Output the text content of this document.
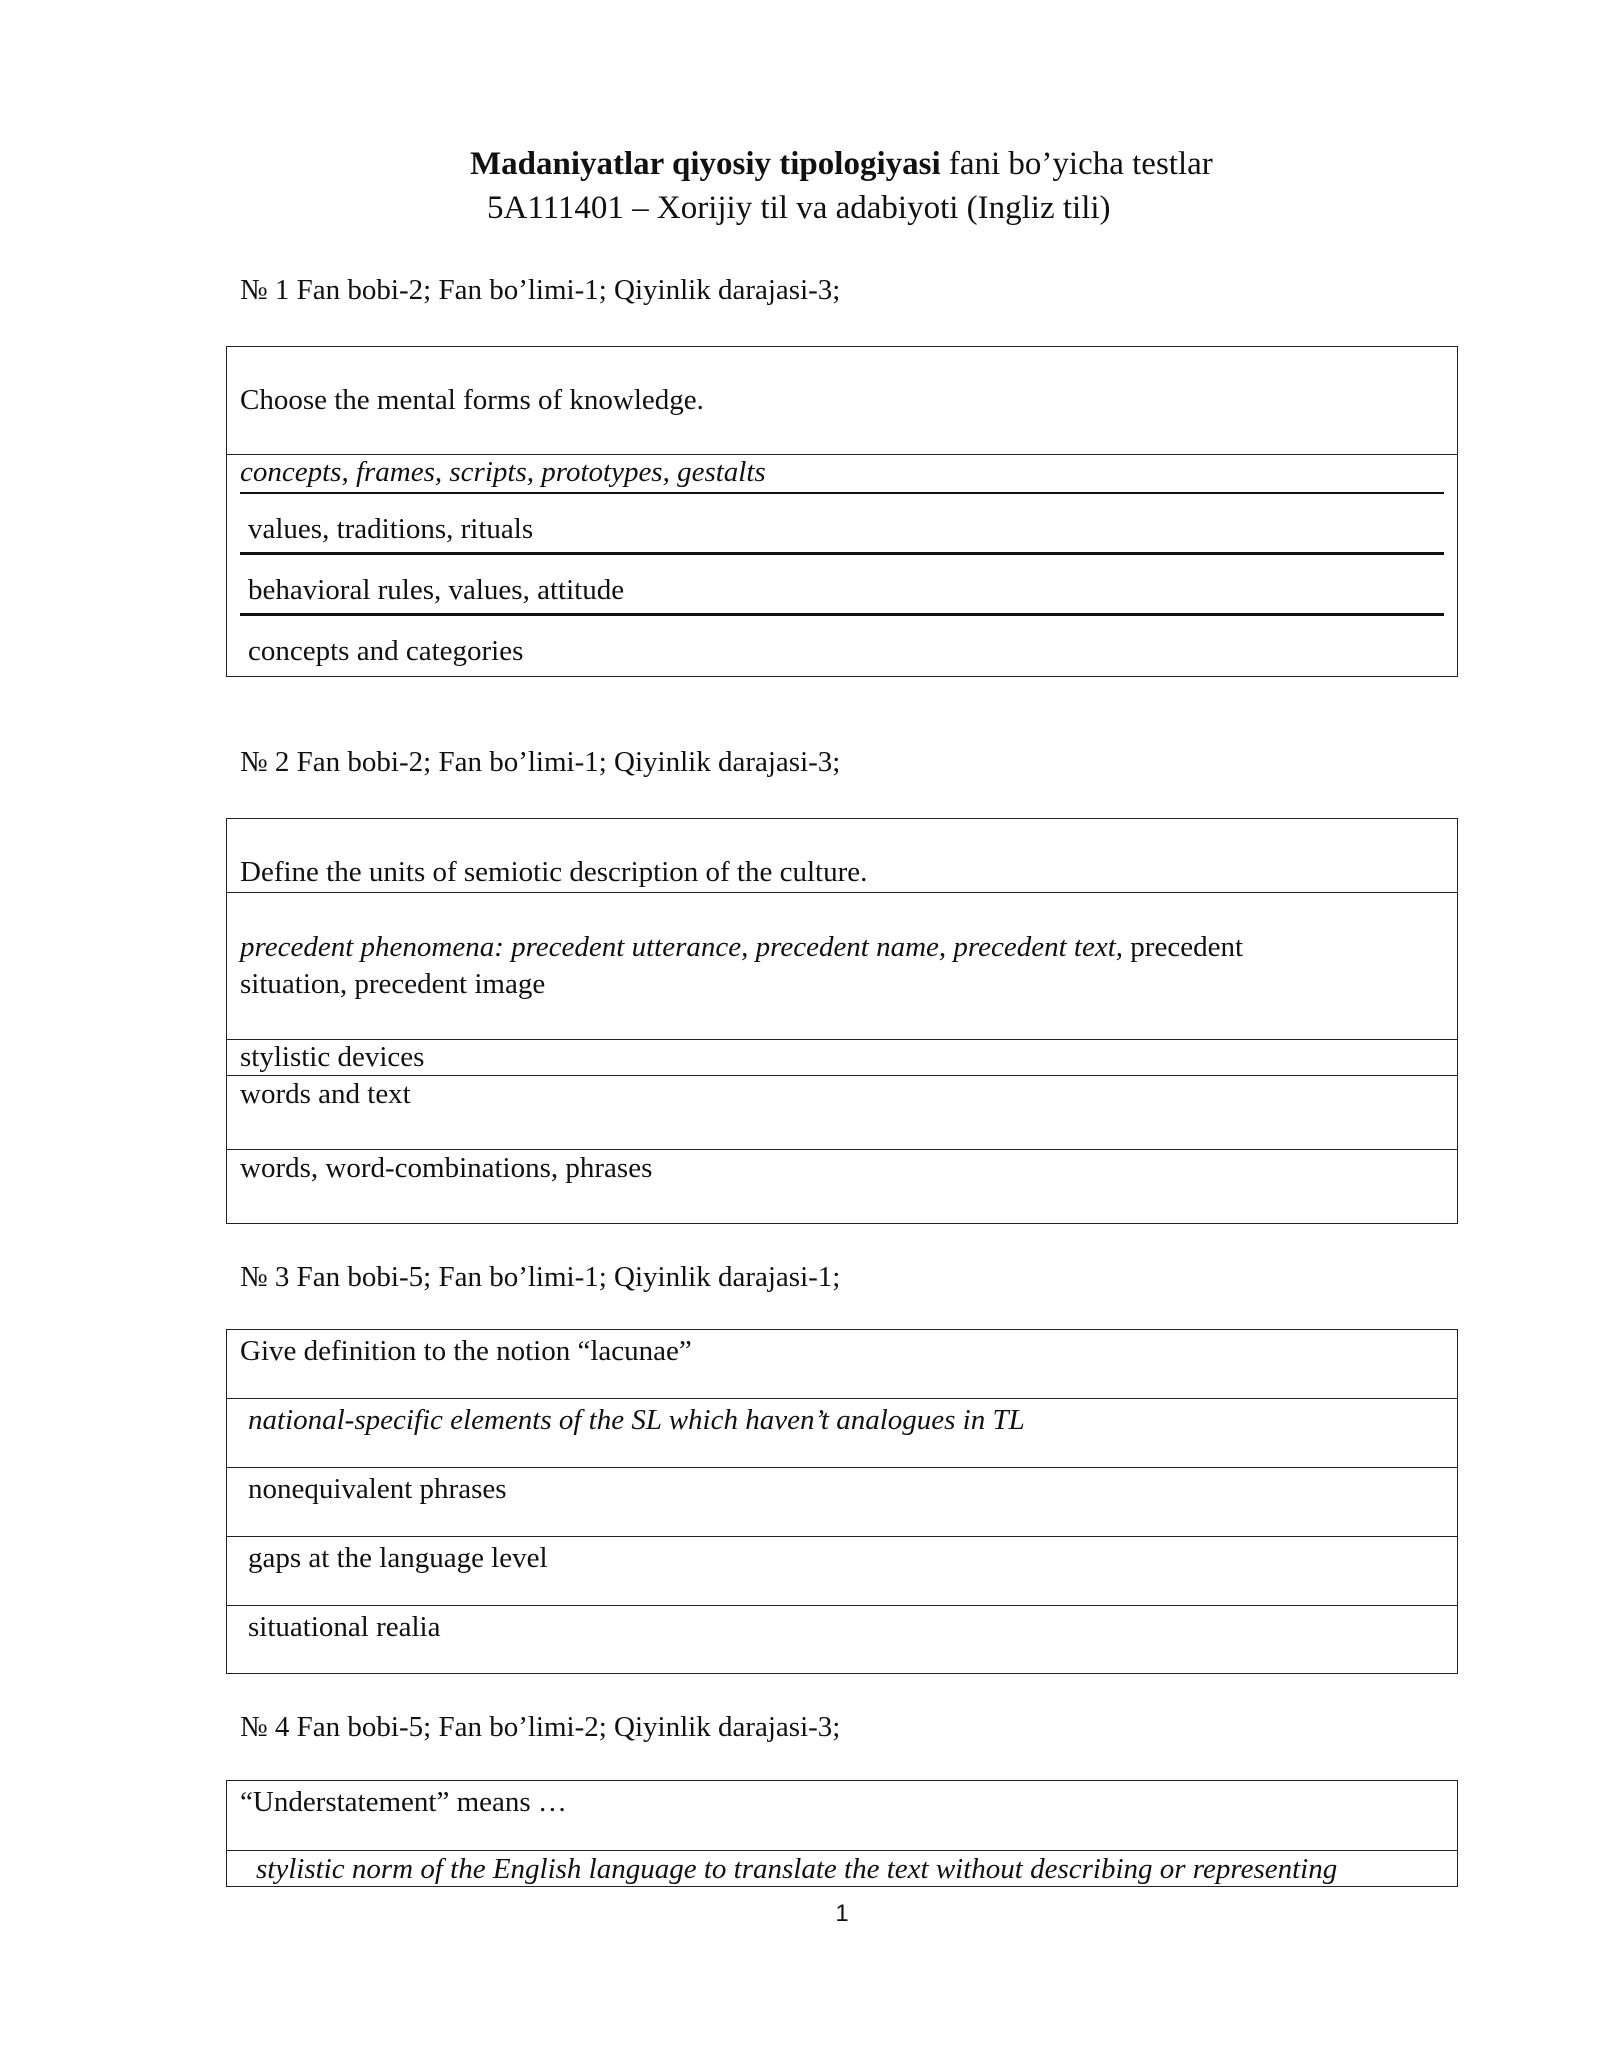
Madaniyatlar qiyosiy tipologiyasi fani bo’yicha testlar
5A111401 – Xorijiy til va adabiyoti (Ingliz tili)
№ 1 Fan bobi-2; Fan bo’limi-1; Qiyinlik darajasi-3;
Choose the mental forms of knowledge.
concepts, frames, scripts, prototypes, gestalts
values, traditions, rituals
behavioral rules, values, attitude
concepts and categories
№ 2 Fan bobi-2; Fan bo’limi-1; Qiyinlik darajasi-3;
Define the units of semiotic description of the culture.
precedent phenomena: precedent utterance, precedent name, precedent text, precedent
situation, precedent image
stylistic devices
words and text
words, word-combinations, phrases
№ 3 Fan bobi-5; Fan bo’limi-1; Qiyinlik darajasi-1;
Give definition to the notion “lacunae”
national-specific elements of the SL which haven’t analogues in TL
nonequivalent phrases
gaps at the language level
situational realia
№ 4 Fan bobi-5; Fan bo’limi-2; Qiyinlik darajasi-3;
“Understatement” means …
stylistic norm of the English language to translate the text without describing or representing
1
